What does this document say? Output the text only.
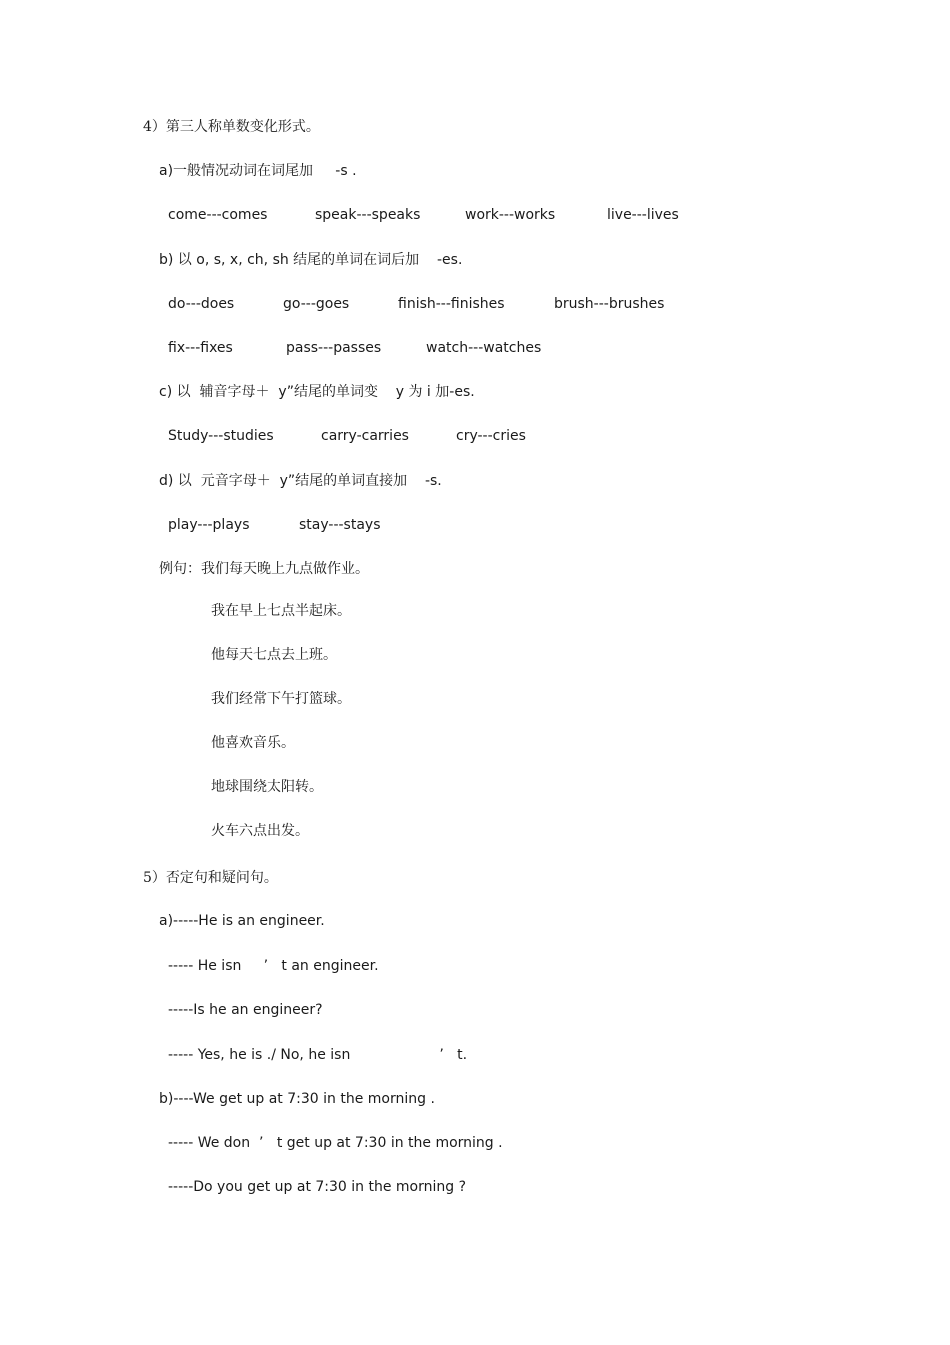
4）第三人称单数变化形式。
a)一般情况动词在词尾加     -s .
come---comes	speak---speaks	work---works	live---lives
b) 以 o, s, x, ch, sh 结尾的单词在词后加    -es.
do---does	go---goes	finish---finishes	brush---brushes
fix---fixes	pass---passes	watch---watches
c) 以  辅音字母＋  y”结尾的单词变    y 为 i 加-es.
Study---studies	carry-carries	cry---cries
d) 以  元音字母＋  y”结尾的单词直接加    -s.
play---plays	stay---stays
例句：我们每天晚上九点做作业。
我在早上七点半起床。
他每天七点去上班。
我们经常下午打篮球。
他喜欢音乐。
地球围绕太阳转。
火车六点出发。
5）否定句和疑问句。
a)-----He is an engineer.
----- He isn     ’   t an engineer.
-----Is he an engineer?
----- Yes, he is ./ No, he isn                    ’   t.
b)----We get up at 7:30 in the morning .
----- We don  ’   t get up at 7:30 in the morning .
-----Do you get up at 7:30 in the morning ?
